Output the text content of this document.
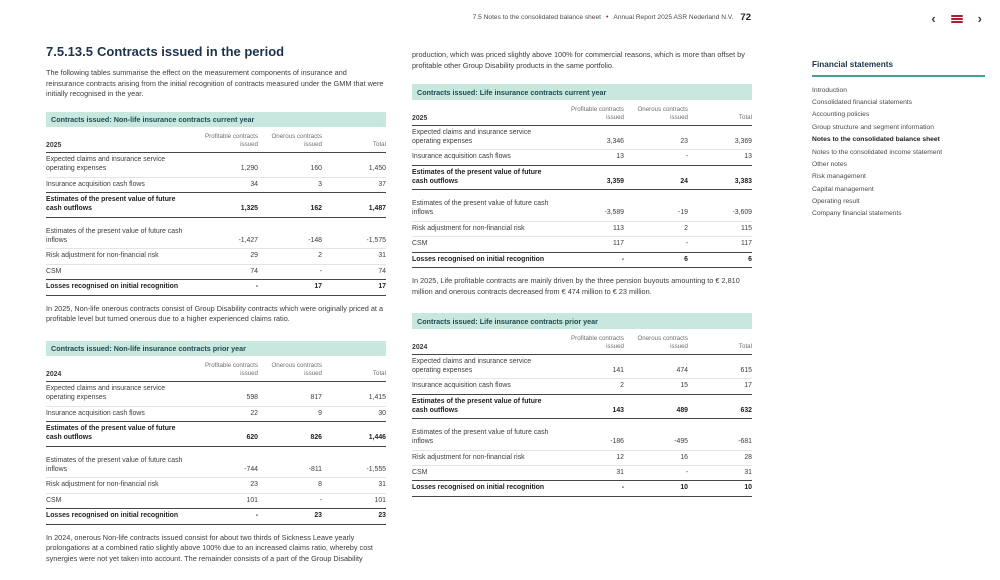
7.5 Notes to the consolidated balance sheet • Annual Report 2025 ASR Nederland N.V. 72	‹	›
7.5.13.5 Contracts issued in the period

The following tables summarise the effect on the measurement components of insurance and reinsurance contracts arising from the initial recognition of contracts measured under the GMM that were initially recognised in the year.

Contracts issued: Non-life insurance contracts current year
2025
Profitable contracts issued
Onerous contracts issued	Total
Expected claims and insurance service operating expenses	1,290	160	1,450
Insurance acquisition cash flows	34	3	37
Estimates of the present value of future cash outflows	1,325	162	1,487
Estimates of the present value of future cash inflows	-1,427	-148	-1,575
Risk adjustment for non-financial risk	29	2	31
CSM	74	-	74
Losses recognised on initial recognition	-	17	17

In 2025, Non-life onerous contracts consist of Group Disability contracts which were originally priced at a profitable level but turned onerous due to a higher experienced claims ratio.

Contracts issued: Non-life insurance contracts prior year
2024
Profitable contracts issued
Onerous contracts issued	Total
Expected claims and insurance service operating expenses	598	817	1,415
Insurance acquisition cash flows	22	9	30
Estimates of the present value of future cash outflows	620	826	1,446
Estimates of the present value of future cash inflows	-744	-811	-1,555
Risk adjustment for non-financial risk	23	8	31
CSM	101	-	101
Losses recognised on initial recognition	-	23	23

In 2024, onerous Non-life contracts issued consist for about two thirds of Sickness Leave yearly prolongations at a combined ratio slightly above 100% due to an increased claims ratio, whereby cost synergies were not yet taken into account. The remainder consists of a part of the Group Disability

production, which was priced slightly above 100% for commercial reasons, which is more than offset by profitable other Group Disability products in the same portfolio.

Contracts issued: Life insurance contracts current year
2025
Profitable contracts issued
Onerous contracts issued	Total
Expected claims and insurance service operating expenses	3,346	23	3,369
Insurance acquisition cash flows	13	-	13
Estimates of the present value of future cash outflows	3,359	24	3,383
Estimates of the present value of future cash inflows	-3,589	-19	-3,609
Risk adjustment for non-financial risk	113	2	115
CSM	117	-	117
Losses recognised on initial recognition	-	6	6

In 2025, Life profitable contracts are mainly driven by the three pension buyouts amounting to € 2,810 million and onerous contracts decreased from € 474 million to € 23 million.

Contracts issued: Life insurance contracts prior year
2024
Profitable contracts issued
Onerous contracts issued	Total
Expected claims and insurance service operating expenses	141	474	615
Insurance acquisition cash flows	2	15	17
Estimates of the present value of future cash outflows	143	489	632
Estimates of the present value of future cash inflows	-186	-495	-681
Risk adjustment for non-financial risk	12	16	28
CSM	31	-	31
Losses recognised on initial recognition	-	10	10
Financial statements
Introduction
Consolidated financial statements
Accounting policies
Group structure and segment information
Notes to the consolidated balance sheet
Notes to the consolidated income statement
Other notes
Risk management
Capital management
Operating result
Company financial statements
